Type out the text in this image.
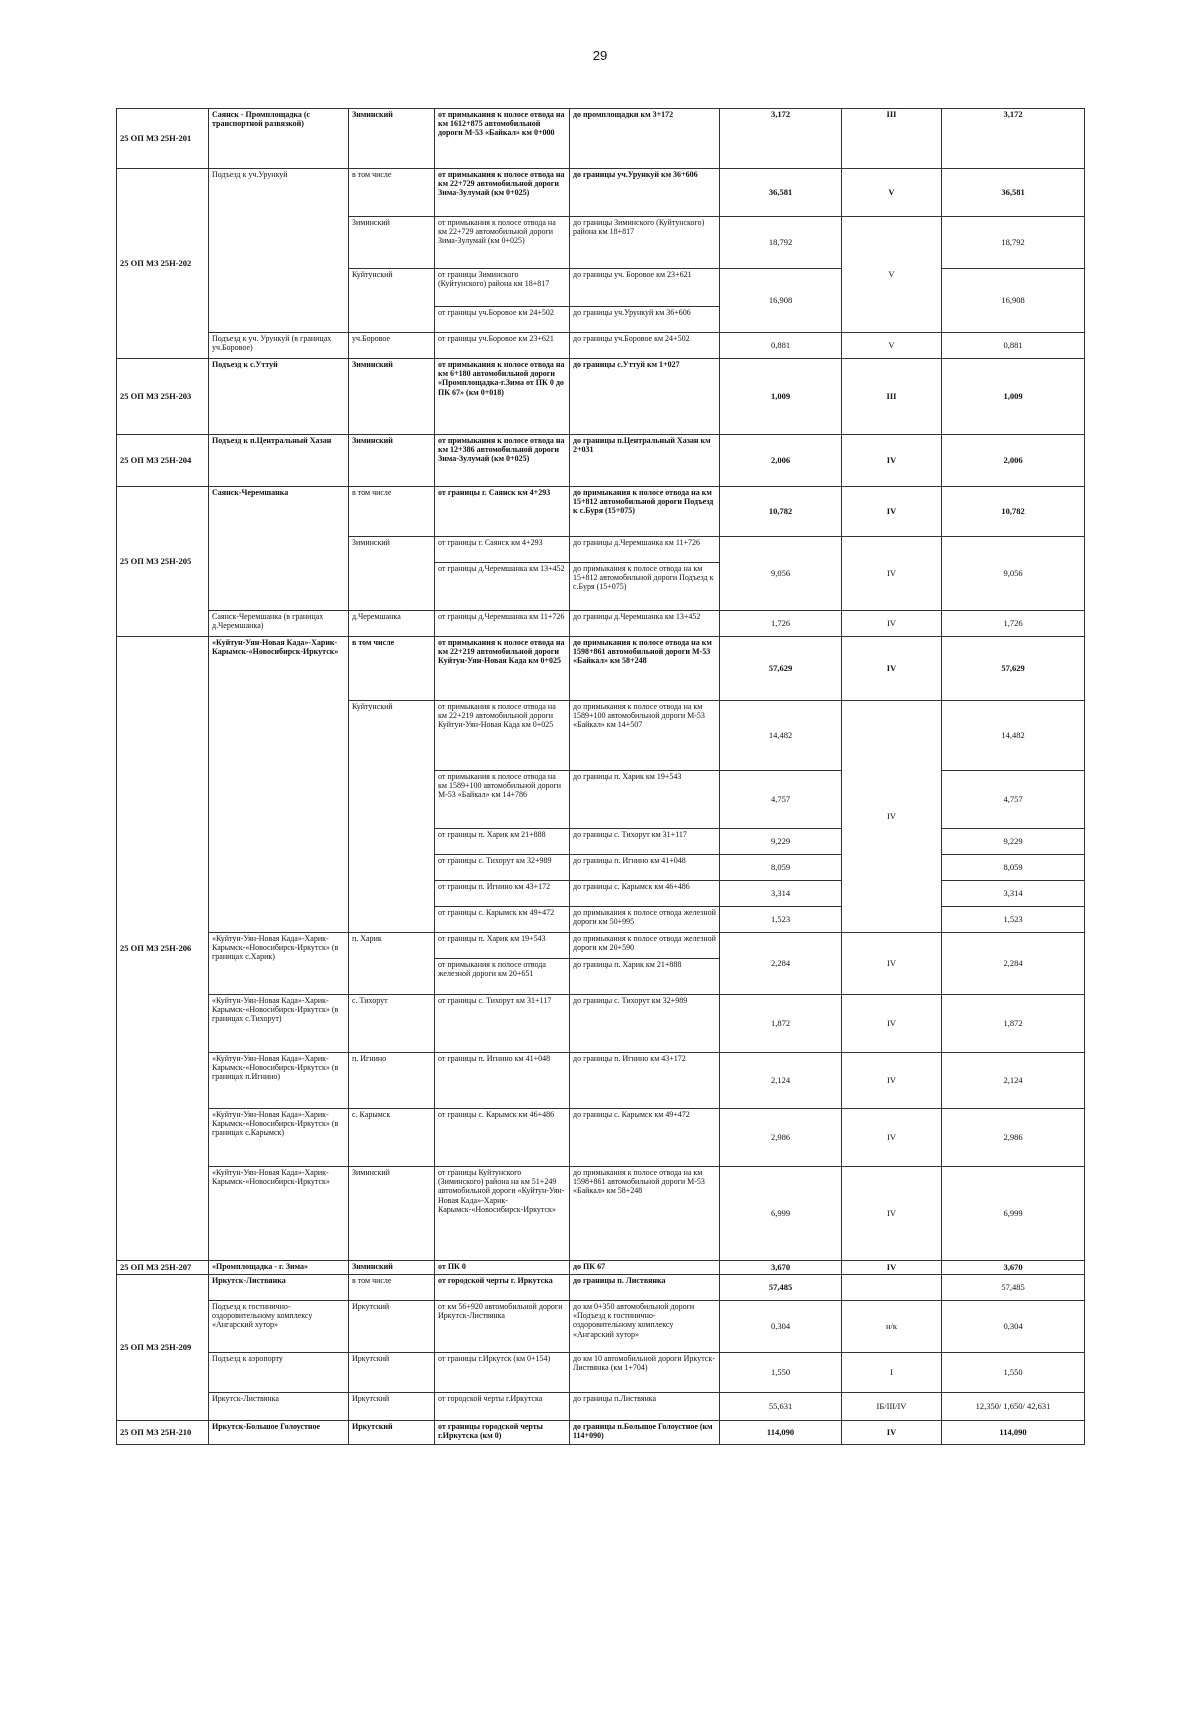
29
25 ОП МЗ 25Н-201	Саянск - Промплощадка (с транспортной развязкой)	Зиминский	от примыкания к полосе отвода на км 1612+875 автомобильной дороги М-53 «Байкал» км 0+000	до промплощадки км 3+172	3,172	III	3,172
25 ОП МЗ 25Н-202	Подъезд к уч.Урункуй	в том числе	от примыкания к полосе отвода на км 22+729 автомобильной дороги Зима-Зулумай (км 0+025)	до границы уч.Урункуй км 36+606	36,581	V	36,581
		Зиминский	от примыкания к полосе отвода на км 22+729 автомобильной дороги Зима-Зулумай (км 0+025)	до границы Зиминского (Куйтунского) района км 18+817	18,792	V	18,792
		Куйтунский	от границы Зиминского (Куйтунского) района км 18+817	до границы уч. Боровое км 23+621	16,908		16,908
			от границы уч.Боровое км 24+502	до границы уч.Урункуй км 36+606			
	Подъезд к уч. Урункуй (в границах уч.Боровое)	уч.Боровое	от границы уч.Боровое км 23+621	до границы уч.Боровое км 24+502	0,881	V	0,881
25 ОП МЗ 25Н-203	Подъезд к с.Уттуй	Зиминский	от примыкания к полосе отвода на км 6+180 автомобильной дороги «Промплощадка-г.Зима от ПК 0 до ПК 67» (км 0+018)	до границы с.Уттуй км 1+027	1,009	III	1,009
25 ОП МЗ 25Н-204	Подъезд к п.Центральный Хазан	Зиминский	от примыкания к полосе отвода на км 12+386 автомобильной дороги Зима-Зулумай (км 0+025)	до границы п.Центральный Хазан км 2+031	2,006	IV	2,006
25 ОП МЗ 25Н-205	Саянск-Черемшанка	в том числе	от границы г. Саянск км 4+293	до примыкания к полосе отвода на км 15+812 автомобильной дороги Подъезд к с.Буря (15+075)	10,782	IV	10,782
		Зиминский	от границы г. Саянск км 4+293	до границы д.Черемшанка км 11+726	9,056	IV	9,056
			от границы д.Черемшанка км 13+452	до примыкания к полосе отвода на км 15+812 автомобильной дороги Подъезд к с.Буря (15+075)			
	Саянск-Черемшанка (в границах д.Черемшанка)	д.Черемшанка	от границы д.Черемшанка км 11+726	до границы д.Черемшанка км 13+452	1,726	IV	1,726
25 ОП МЗ 25Н-206	«Куйтун-Уян-Новая Када»-Харик-Карымск-«Новосибирск-Иркутск»	в том числе	от примыкания к полосе отвода на км 22+219 автомобильной дороги Куйтун-Уян-Новая Када км 0+025	до примыкания к полосе отвода на км 1598+861 автомобильной дороги М-53 «Байкал» км 58+248	57,629	IV	57,629
		Куйтунский	от примыкания к полосе отвода на км 22+219 автомобильной дороги Куйтун-Уян-Новая Када км 0+025	до примыкания к полосе отвода на км 1589+100 автомобильной дороги М-53 «Байкал» км 14+507	14,482	IV	14,482
			от примыкания к полосе отвода на км 1589+100 автомобильной дороги М-53 «Байкал» км 14+786	до границы п. Харик км 19+543	4,757		4,757
			от границы п. Харик км 21+888	до границы с. Тихорут км 31+117	9,229		9,229
			от границы с. Тихорут км 32+989	до границы п. Игнино км 41+048	8,059		8,059
			от границы п. Игнино км 43+172	до границы с. Карымск км 46+486	3,314		3,314
			от границы с. Карымск км 49+472	до примыкания к полосе отвода железной дороги км 50+995	1,523		1,523
	«Куйтун-Уян-Новая Када»-Харик-Карымск-«Новосибирск-Иркутск» (в границах с.Харик)	п. Харик	от границы п. Харик км 19+543	до примыкания к полосе отвода железной дороги км 20+590	2,284	IV	2,284
			от примыкания к полосе отвода железной дороги км 20+651	до границы п. Харик км 21+888			
	«Куйтун-Уян-Новая Када»-Харик-Карымск-«Новосибирск-Иркутск» (в границах с.Тихорут)	с. Тихорут	от границы с. Тихорут км 31+117	до границы с. Тихорут км 32+989	1,872	IV	1,872
	«Куйтун-Уян-Новая Када»-Харик-Карымск-«Новосибирск-Иркутск» (в границах п.Игнино)	п. Игнино	от границы п. Игнино км 41+048	до границы п. Игнино км 43+172	2,124	IV	2,124
	«Куйтун-Уян-Новая Када»-Харик-Карымск-«Новосибирск-Иркутск» (в границах с.Карымск)	с. Карымск	от границы с. Карымск км 46+486	до границы с. Карымск км 49+472	2,986	IV	2,986
	«Куйтун-Уян-Новая Када»-Харик-Карымск-«Новосибирск-Иркутск»	Зиминский	от границы Куйтунского (Зиминского) района на км 51+249 автомобильной дороги «Куйтун-Уян-Новая Када»-Харик-Карымск-«Новосибирск-Иркутск»	до примыкания к полосе отвода на км 1598+861 автомобильной дороги М-53 «Байкал» км 58+248	6,999	IV	6,999
25 ОП МЗ 25Н-207	«Промплощадка - г. Зима»	Зиминский	от ПК 0	до ПК 67	3,670	IV	3,670
25 ОП МЗ 25Н-209	Иркутск-Листвянка	в том числе	от городской черты г. Иркутска	до границы п. Листвянка	57,485		57,485
	Подъезд к гостинично-оздоровительному комплексу «Ангарский хутор»	Иркутский	от км 56+920 автомобильной дороги Иркутск-Листвянка	до км 0+350 автомобильной дороги «Подъезд к гостинично-оздоровительному комплексу «Ангарский хутор»	0,304	н/к	0,304
	Подъезд к аэропорту	Иркутский	от границы г.Иркутск (км 0+154)	до км 10 автомобильной дороги Иркутск-Листвянка (км 1+704)	1,550	I	1,550
	Иркутск-Листвянка	Иркутский	от городской черты г.Иркутска	до границы п.Листвянка	55,631	IБ/III/IV	12,350/ 1,650/ 42,631
25 ОП МЗ 25Н-210	Иркутск-Большое Голоустное	Иркутский	от границы городской черты г.Иркутска (км 0)	до границы п.Большое Голоустное (км 114+090)	114,090	IV	114,090
